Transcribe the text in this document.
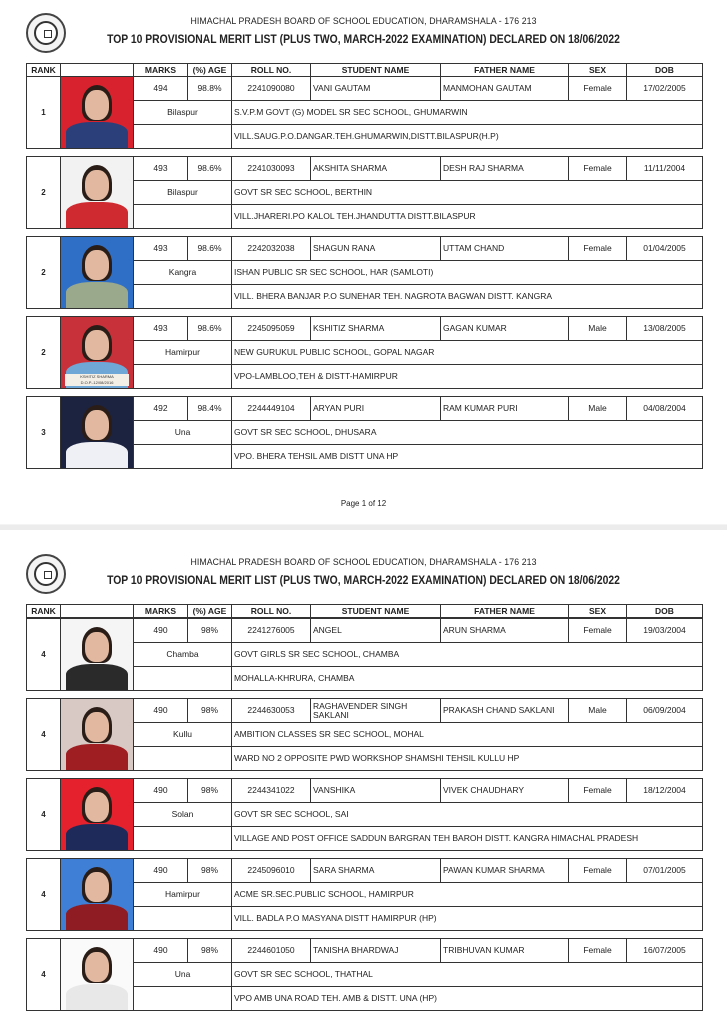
HIMACHAL PRADESH BOARD OF SCHOOL EDUCATION, DHARAMSHALA - 176 213
TOP 10 PROVISIONAL MERIT LIST (PLUS TWO, MARCH-2022 EXAMINATION) DECLARED ON 18/06/2022
RANK	MARKS	(%) AGE	ROLL NO.	STUDENT NAME	FATHER NAME	SEX	DOB
1
494	98.8%	2241090080	VANI GAUTAM	MANMOHAN GAUTAM	Female	17/02/2005
Bilaspur	S.V.P.M GOVT (G) MODEL SR SEC SCHOOL, GHUMARWIN
VILL.SAUG.P.O.DANGAR.TEH.GHUMARWIN,DISTT.BILASPUR(H.P)
2
493	98.6%	2241030093	AKSHITA SHARMA	DESH RAJ SHARMA	Female	11/11/2004
Bilaspur	GOVT SR SEC SCHOOL, BERTHIN
VILL.JHARERI.PO KALOL TEH.JHANDUTTA DISTT.BILASPUR
2
493	98.6%	2242032038	SHAGUN RANA	UTTAM CHAND	Female	01/04/2005
Kangra	ISHAN PUBLIC SR SEC SCHOOL, HAR (SAMLOTI)
VILL. BHERA BANJAR P.O SUNEHAR TEH. NAGROTA BAGWAN DISTT. KANGRA
2
KSHITIZ SHARMA D.O.P.-12/08/2016
493	98.6%	2245095059	KSHITIZ SHARMA	GAGAN KUMAR	Male	13/08/2005
Hamirpur	NEW GURUKUL PUBLIC SCHOOL, GOPAL NAGAR
VPO-LAMBLOO,TEH & DISTT-HAMIRPUR
3
492	98.4%	2244449104	ARYAN PURI	RAM KUMAR PURI	Male	04/08/2004
Una	GOVT SR SEC SCHOOL, DHUSARA
VPO. BHERA TEHSIL AMB DISTT UNA HP
Page 1 of 12
HIMACHAL PRADESH BOARD OF SCHOOL EDUCATION, DHARAMSHALA - 176 213
TOP 10 PROVISIONAL MERIT LIST (PLUS TWO, MARCH-2022 EXAMINATION) DECLARED ON 18/06/2022
RANK	MARKS	(%) AGE	ROLL NO.	STUDENT NAME	FATHER NAME	SEX	DOB
4
490	98%	2241276005	ANGEL	ARUN SHARMA	Female	19/03/2004
Chamba	GOVT GIRLS SR SEC SCHOOL, CHAMBA
MOHALLA-KHRURA, CHAMBA
4
490	98%	2244630053	RAGHAVENDER SINGH SAKLANI	PRAKASH CHAND SAKLANI	Male	06/09/2004
Kullu	AMBITION CLASSES SR SEC SCHOOL, MOHAL
WARD NO 2 OPPOSITE PWD WORKSHOP SHAMSHI TEHSIL KULLU HP
4
490	98%	2244341022	VANSHIKA	VIVEK CHAUDHARY	Female	18/12/2004
Solan	GOVT SR SEC SCHOOL, SAI
VILLAGE AND POST OFFICE SADDUN BARGRAN TEH BAROH DISTT. KANGRA HIMACHAL PRADESH
4
490	98%	2245096010	SARA SHARMA	PAWAN KUMAR SHARMA	Female	07/01/2005
Hamirpur	ACME SR.SEC.PUBLIC SCHOOL, HAMIRPUR
VILL. BADLA P.O MASYANA DISTT HAMIRPUR (HP)
4
490	98%	2244601050	TANISHA BHARDWAJ	TRIBHUVAN KUMAR	Female	16/07/2005
Una	GOVT SR SEC SCHOOL, THATHAL
VPO AMB UNA ROAD TEH. AMB & DISTT. UNA (HP)
